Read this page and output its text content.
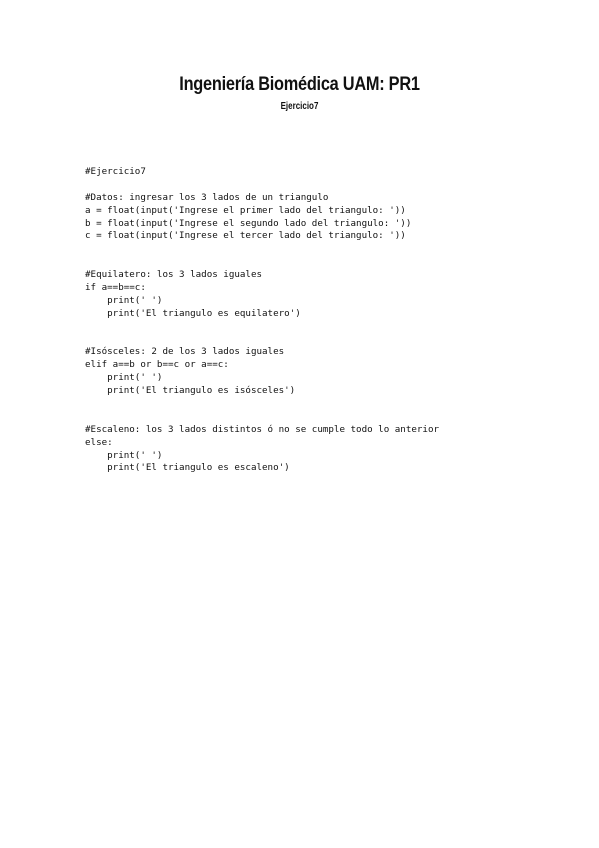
Ingeniería Biomédica UAM: PR1
Ejercicio7
#Ejercicio7
#Datos: ingresar los 3 lados de un triangulo
a = float(input('Ingrese el primer lado del triangulo: '))
b = float(input('Ingrese el segundo lado del triangulo: '))
c = float(input('Ingrese el tercer lado del triangulo: '))
#Equilatero: los 3 lados iguales
if a==b==c:
print(' ')
print('El triangulo es equilatero')
#Isósceles: 2 de los 3 lados iguales
elif a==b or b==c or a==c:
print(' ')
print('El triangulo es isósceles')
#Escaleno: los 3 lados distintos ó no se cumple todo lo anterior
else:
print(' ')
print('El triangulo es escaleno')
